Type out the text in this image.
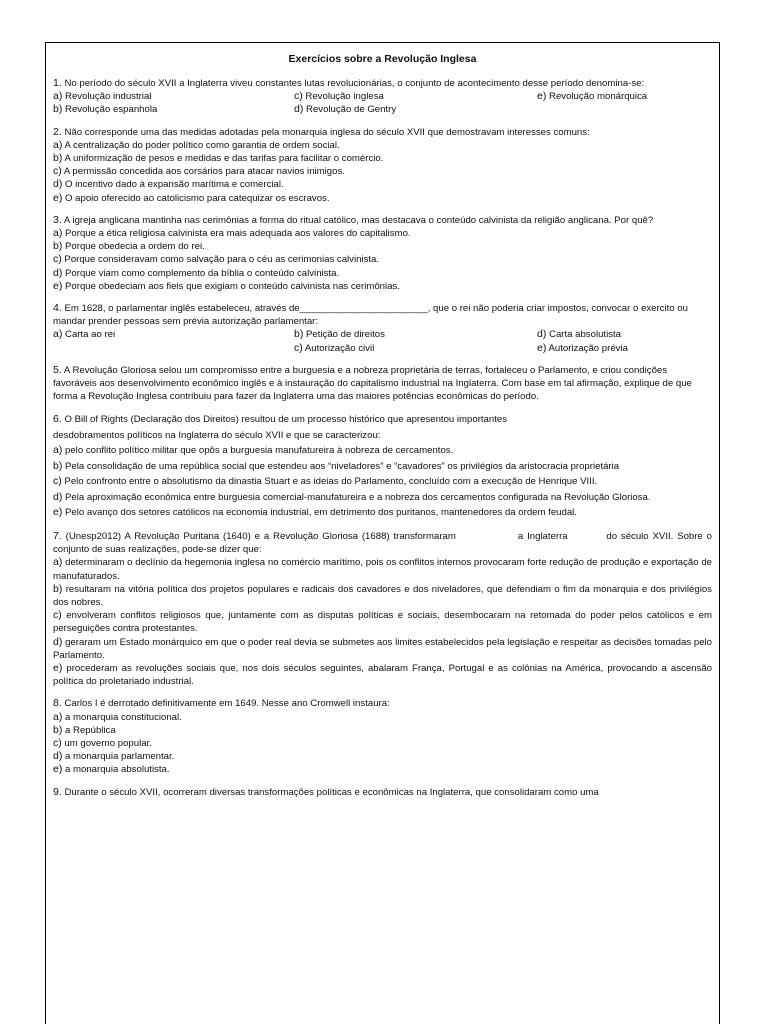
Exercícios sobre a Revolução Inglesa

1. No período do século XVII a Inglaterra viveu constantes lutas revolucionárias, o conjunto de acontecimento desse período denomina-se:

a) Revolução industrial	c) Revolução inglesa	e) Revolução monárquica
b) Revolução espanhola	d) Revolução de Gentry

2. Não corresponde uma das medidas adotadas pela monarquia inglesa do século XVII que demostravam interesses comuns:

a) A centralização do poder político como garantia de ordem social.
b) A uniformização de pesos e medidas e das tarifas para facilitar o comércio.
c) A permissão concedida aos corsários para atacar navios inimigos.
d) O incentivo dado à expansão marítima e comercial.
e) O apoio oferecido ao catolicismo para catequizar os escravos.

3. A igreja anglicana mantinha nas cerimônias a forma do ritual católico, mas destacava o conteúdo calvinista da religião anglicana. Por quê?

a) Porque a ética religiosa calvinista era mais adequada aos valores do capitalismo.
b) Porque obedecia a ordem do rei.
c) Porque consideravam como salvação para o céu as cerimonias calvinista.
d) Porque viam como complemento da bíblia o conteúdo calvinista.
e) Porque obedeciam aos fieis que exigiam o conteúdo calvinista nas cerimônias.

4. Em 1628, o parlamentar inglês estabeleceu, através de________________________, que o rei não poderia criar impostos, convocar o exercito ou mandar prender pessoas sem prévia autorização parlamentar:

a) Carta ao rei	b) Petição de direitos	d) Carta absolutista
c) Autorização civil	e) Autorização prévia

5. A Revolução Gloriosa selou um compromisso entre a burguesia e a nobreza proprietária de terras, fortaleceu o Parlamento, e criou condições favoráveis aos desenvolvimento econômico inglês e à instauração do capitalismo industrial na Inglaterra. Com base em tal afirmação, explique de que forma a Revolução Inglesa contribuiu para fazer da Inglaterra uma das maiores potências econômicas do período.

6. O Bill of Rights (Declaração dos Direitos) resultou de um processo histórico que apresentou importantes

desdobramentos políticos na Inglaterra do século XVII e que se caracterizou:

a) pelo conflito político militar que opôs a burguesia manufatureira à nobreza de cercamentos.
b) Pela consolidação de uma república social que estendeu aos “niveladores” e “cavadores” os privilégios da aristocracia proprietária
c) Pelo confronto entre o absolutismo da dinastia Stuart e as ideias do Parlamento, concluído com a execução de Henrique VIII.
d) Pela aproximação econômica entre burguesia comercial-manufatureira e a nobreza dos cercamentos configurada na Revolução Gloriosa.
e) Pelo avanço dos setores católicos na economia industrial, em detrimento dos puritanos, mantenedores da ordem feudal.

7. (Unesp2012) A Revolução Puritana (1640) e a Revolução Gloriosa (1688) transformaram                a Inglaterra          do século XVII. Sobre o           conjunto de suas realizações, pode-se dizer que:

a) determinaram o declínio da hegemonia inglesa no comércio marítimo, pois os conflitos internos provocaram forte redução de produção e exportação de manufaturados.
b) resultaram na vitória política dos projetos populares e radicais dos cavadores e dos niveladores, que defendiam o fim da monarquia e dos privilégios dos nobres.
c) envolveram conflitos religiosos que, juntamente com as disputas políticas e sociais, desembocaram na retomada do poder pelos católicos e em perseguições contra protestantes.
d) geraram um Estado monárquico em que o poder real devia se submetes aos limites estabelecidos pela legislação e respeitar as decisões tomadas pelo Parlamento.
e) procederam as revoluções sociais que, nos dois séculos seguintes, abalaram França, Portugal e as colônias na América, provocando a ascensão política do proletariado industrial.

8. Carlos I é derrotado definitivamente em 1649. Nesse ano Cromwell instaura:

a) a monarquia constitucional.
b) a República
c) um governo popular.
d) a monarquia parlamentar.
e) a monarquia absolutista.

9. Durante o século XVII, ocorreram diversas transformações políticas e econômicas na Inglaterra, que consolidaram como uma
